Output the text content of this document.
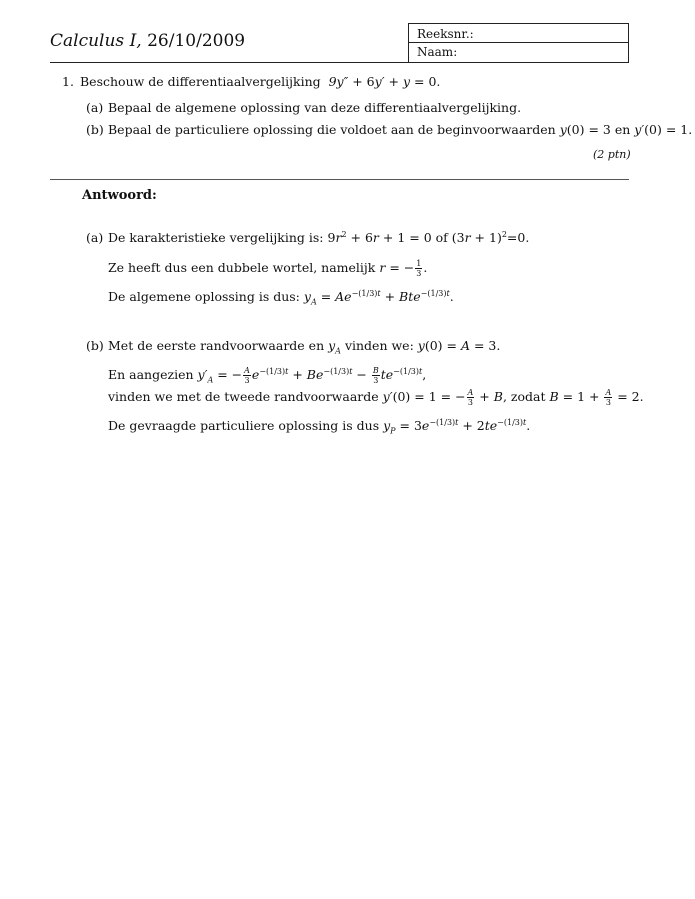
Calculus I, 26/10/2009	Reeksnr.:
Naam:
1. Beschouw de differentiaalvergelijking 9y″ + 6y′ + y = 0.
(a) Bepaal de algemene oplossing van deze differentiaalvergelijking.
(b) Bepaal de particuliere oplossing die voldoet aan de beginvoorwaarden y(0) = 3 en y′(0) = 1.
(2 ptn)
Antwoord:
(a) De karakteristieke vergelijking is: $9r^2 + 6r + 1 = 0$ of $(3r + 1)^2=0$.
Ze heeft dus een dubbele wortel, namelijk r = − $\frac{1}{3}$ .
De algemene oplossing is dus: $y_A = Ae^{-(1/3)t} + Bte^{-(1/3)t}$.
(b) Met de eerste randvoorwaarde en $y_A$ vinden we: y(0) = A = 3.
En aangezien $y'_A$ = − $\frac{A}{3} e^{-(1/3)t} + Be^{-(1/3)t} - \frac{B}{3} te^{-(1/3)t}$,
vinden we met de tweede randvoorwaarde y′(0) = 1 = − $\frac{A}{3} + B$, zodat $B = 1 + \frac{A}{3} = 2$.
De gevraagde particuliere oplossing is dus $y_P = 3e^{-(1/3)t} + 2te^{-(1/3)t}$.
